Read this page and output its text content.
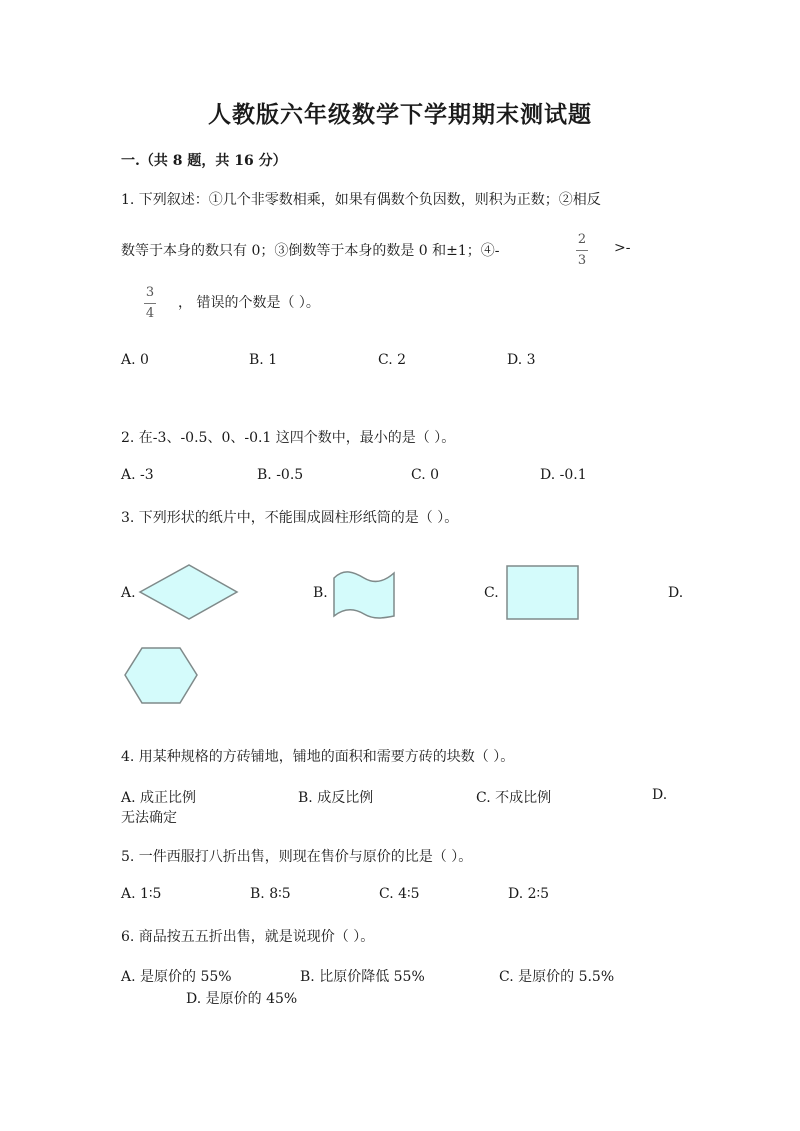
人教版六年级数学下学期期末测试题
一.（共 8 题，共 16 分）
1. 下列叙述：①几个非零数相乘，如果有偶数个负因数，则积为正数；②相反
数等于本身的数只有 0；③倒数等于本身的数是 0 和±1；④-
2
3
>-
3
4
， 错误的个数是（ ）。
A. 0	B. 1	C. 2	D. 3
2. 在-3、-0.5、0、-0.1 这四个数中，最小的是（ ）。
A. -3	B. -0.5	C. 0	D. -0.1
3. 下列形状的纸片中，不能围成圆柱形纸筒的是（ ）。
A.	B.	C.	D.
4. 用某种规格的方砖铺地，铺地的面积和需要方砖的块数（ ）。
A. 成正比例	B. 成反比例	C. 不成比例	D.
无法确定
5. 一件西服打八折出售，则现在售价与原价的比是（ ）。
A. 1∶5	B. 8∶5	C. 4∶5	D. 2∶5
6. 商品按五五折出售，就是说现价（ ）。
A. 是原价的 55%	B. 比原价降低 55%	C. 是原价的 5.5%
D. 是原价的 45%
